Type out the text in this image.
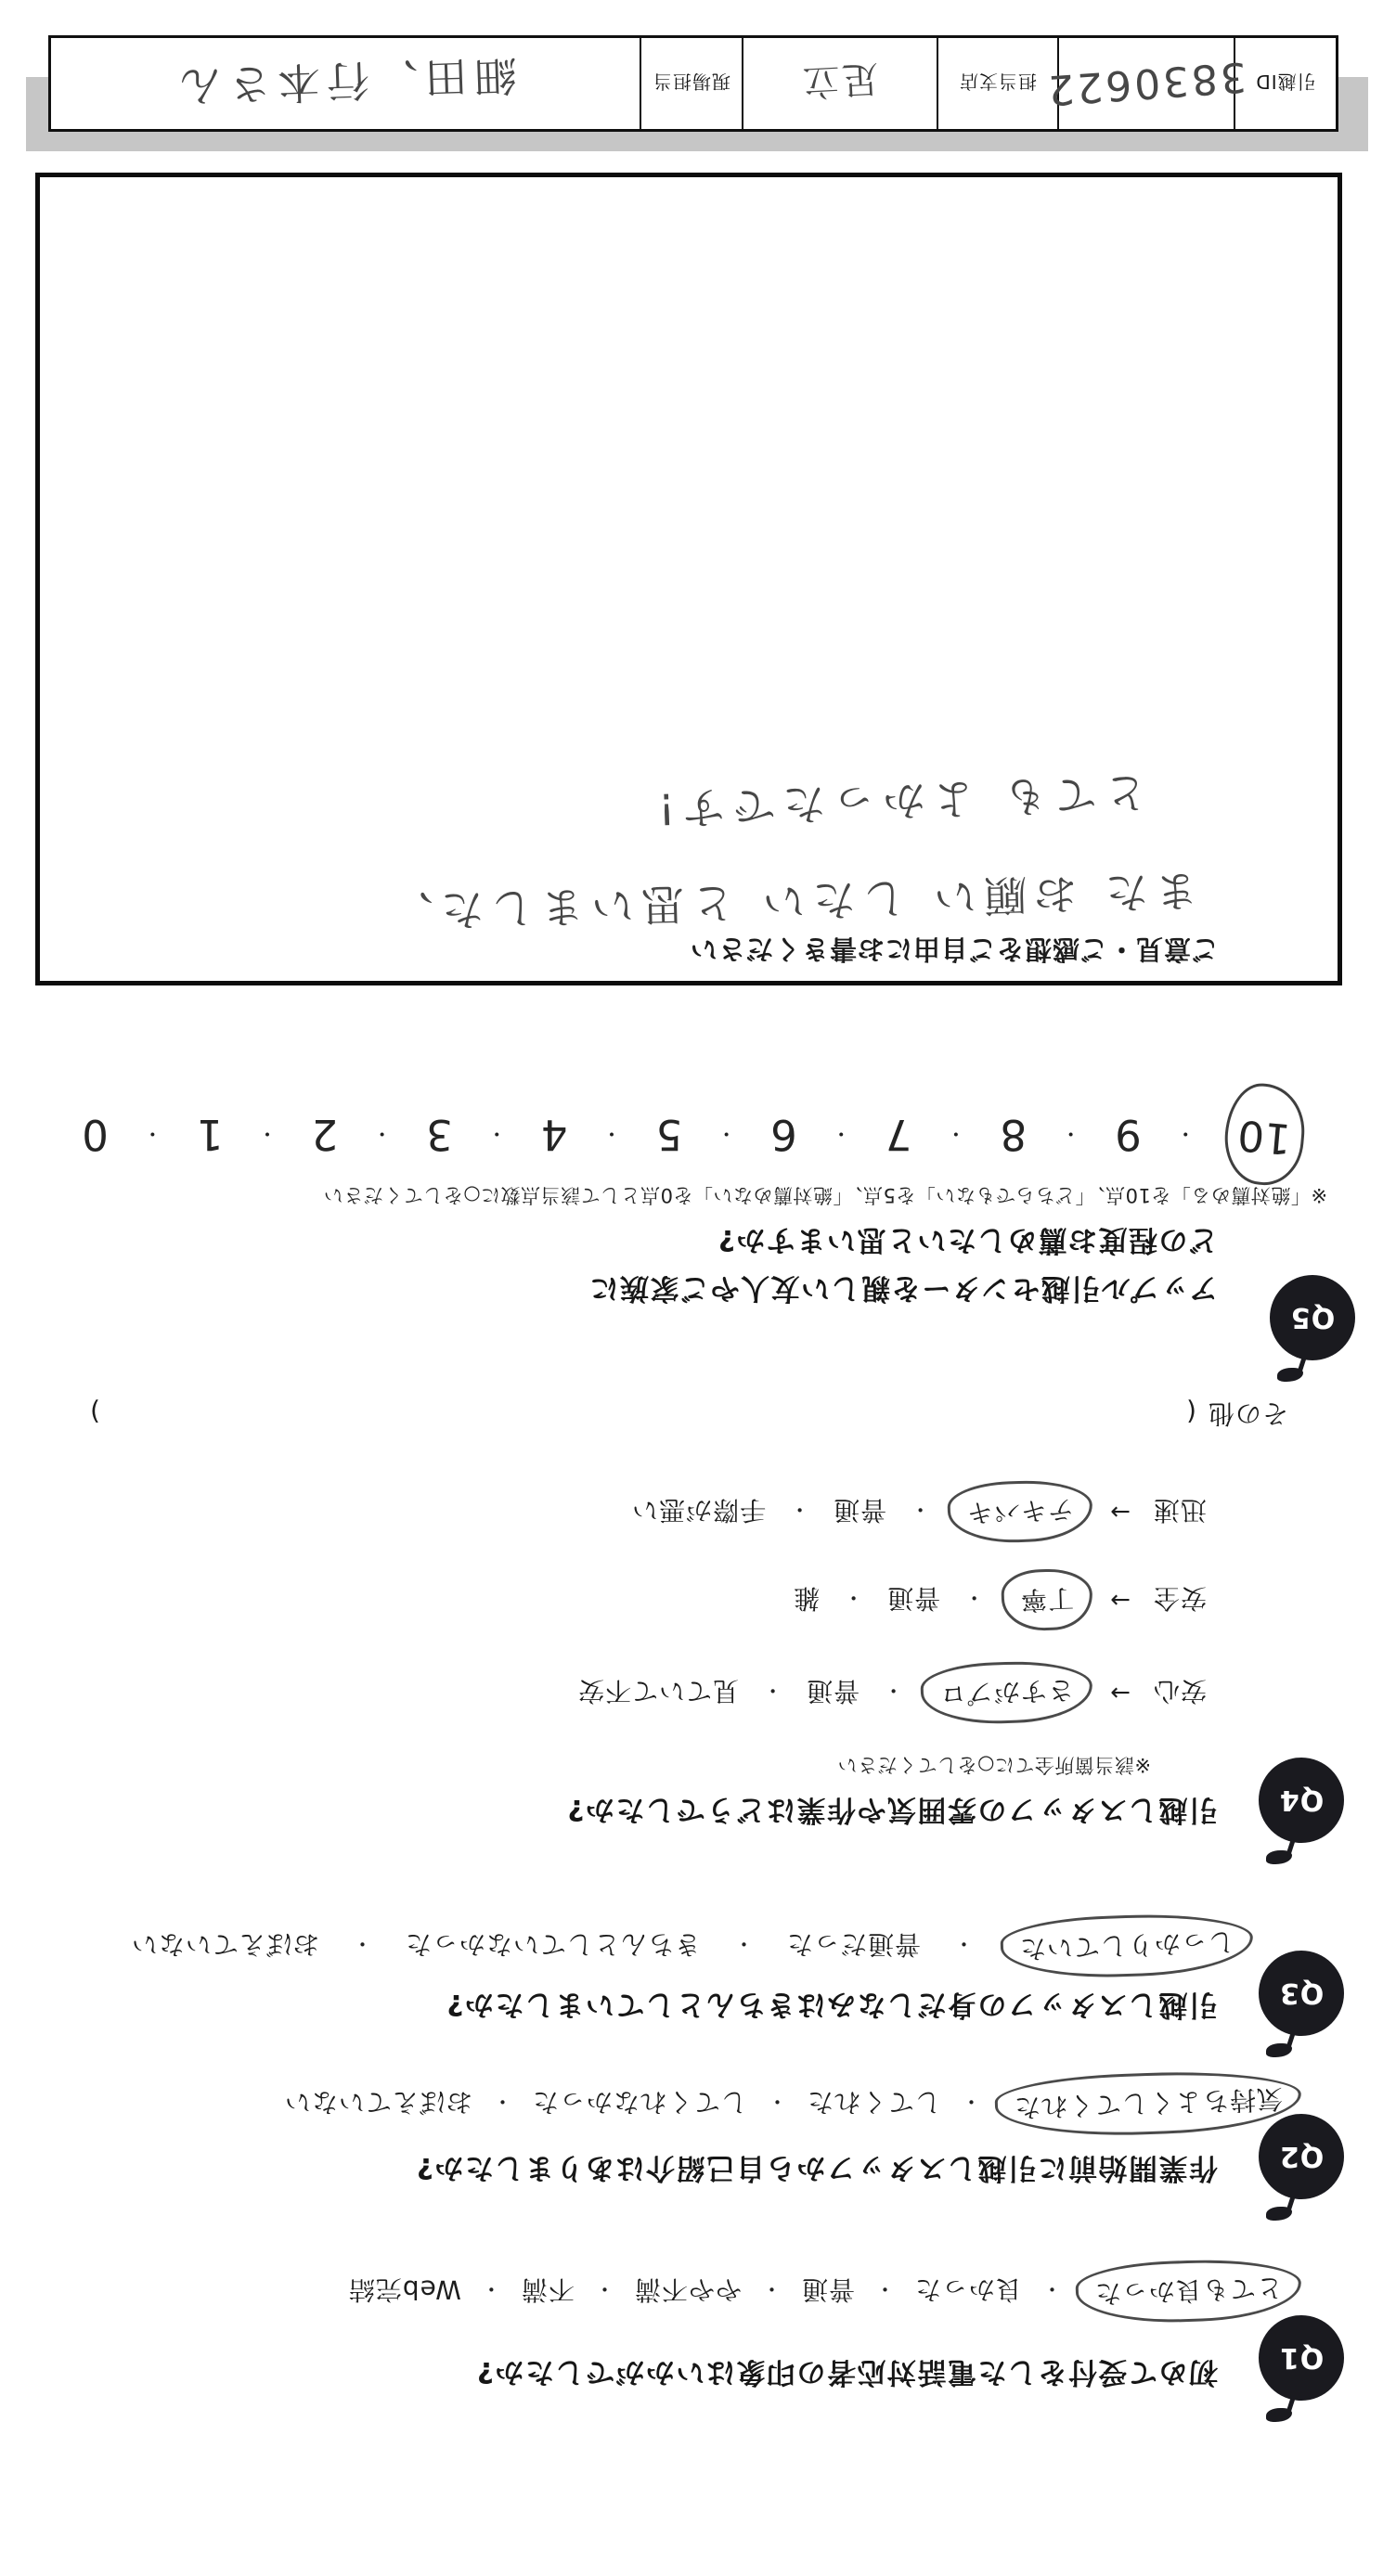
Q1
初めて受付をした電話対応者の印象はいかがでしたか?
とても良かった
・
良かった
・
普通
・
やや不満
・
不満
・
Web完結
Q2
作業開始前に引越しスタッフから自己紹介はありましたか?
気持ちよくしてくれた
・
してくれた
・
してくれなかった
・
おぼえていない
Q3
引越しスタッフの身だしなみはきちんとしていましたか?
しっかりしていた
・
普通だった
・
きちんとしていなかった
・
おぼえていない
Q4
引越しスタッフの雰囲気や作業はどうでしたか?
※該当箇所全てに○をしてください
安心
→
さすがプロ
・
普通
・
見ていて不安
安全
→
丁寧
・
普通
・
雑
迅速
→
テキパキ
・
普通
・
手際が悪い
その他
(
)
Q5
アップル引越センターを親しい友人やご家族に
どの程度お薦めしたいと思いますか?
※「絶対薦める」を10点、「どちらでもない」を5点、「絶対薦めない」を0点として該当点数に○をしてください
10
・
9
・
8
・
7
・
6
・
5
・
4
・
3
・
2
・
1
・
0
ご意見・ご感想をご自由にお書きください
また お願い したい と思いました、
とても よかったです!
引越ID
3830622
担当支店
足立
現場担当
細田、行本さん
